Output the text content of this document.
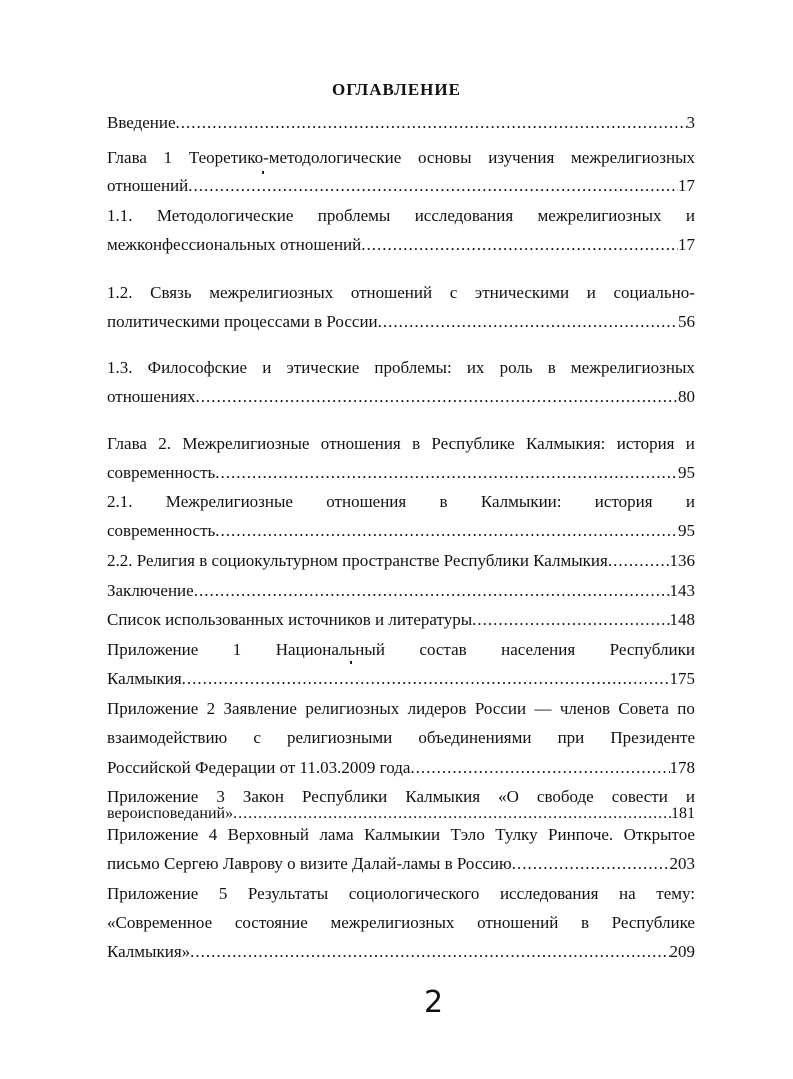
ОГЛАВЛЕНИЕ
Введение .....	3
Глава 1 Теоретико-методологические основы изучения межрелигиозных
отношений .....	17
1.1. Методологические проблемы исследования межрелигиозных и
межконфессиональных отношений .....	17
1.2. Связь межрелигиозных отношений с этническими и социально-
политическими процессами в России .....	56
1.3. Философские и этические проблемы: их роль в межрелигиозных
отношениях .....	80
Глава 2. Межрелигиозные отношения в Республике Калмыкия: история и
современность .....	95
2.1. Межрелигиозные отношения в Калмыкии: история и
современность .....	95
2.2. Религия в социокультурном пространстве Республики Калмыкия .....	136
Заключение .....	143
Список использованных источников и литературы .....	148
Приложение 1 Национальный состав населения Республики
Калмыкия .....	175
Приложение 2 Заявление религиозных лидеров России — членов Совета по
взаимодействию с религиозными объединениями при Президенте
Российской Федерации от 11.03.2009 года .....	178
Приложение 3 Закон Республики Калмыкия «О свободе совести и
вероисповеданий» .....	181
Приложение 4 Верховный лама Калмыкии Тэло Тулку Ринпоче. Открытое
письмо Сергею Лаврову о визите Далай-ламы в Россию .....	203
Приложение 5 Результаты социологического исследования на тему:
«Современное состояние межрелигиозных отношений в Республике
Калмыкия» .....	209
2
